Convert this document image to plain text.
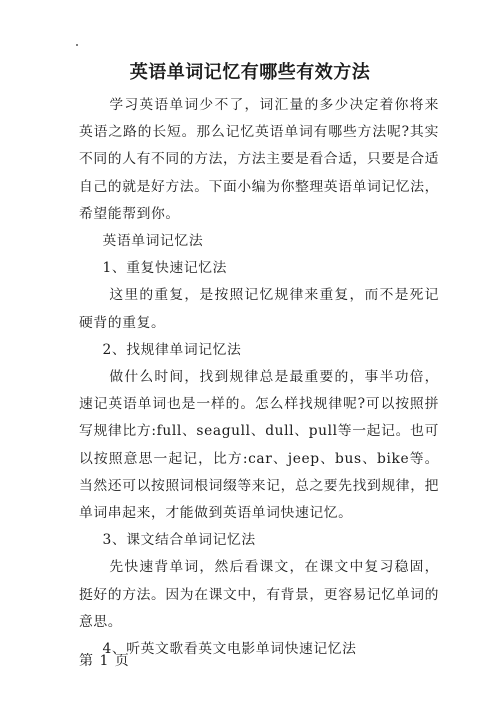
英语单词记忆有哪些有效方法

学习英语单词少不了，词汇量的多少决定着你将来英语之路的长短。那么记忆英语单词有哪些方法呢?其实不同的人有不同的方法，方法主要是看合适，只要是合适自己的就是好方法。下面小编为你整理英语单词记忆法，希望能帮到你。

英语单词记忆法

1、重复快速记忆法

这里的重复，是按照记忆规律来重复，而不是死记硬背的重复。

2、找规律单词记忆法

做什么时间，找到规律总是最重要的，事半功倍，速记英语单词也是一样的。怎么样找规律呢?可以按照拼写规律比方:full、seagull、dull、pull等一起记。也可以按照意思一起记，比方:car、jeep、bus、bike等。当然还可以按照词根词缀等来记，总之要先找到规律，把单词串起来，才能做到英语单词快速记忆。

3、课文结合单词记忆法

先快速背单词，然后看课文，在课文中复习稳固，挺好的方法。因为在课文中，有背景，更容易记忆单词的意思。

4、听英文歌看英文电影单词快速记忆法

第 1 页
